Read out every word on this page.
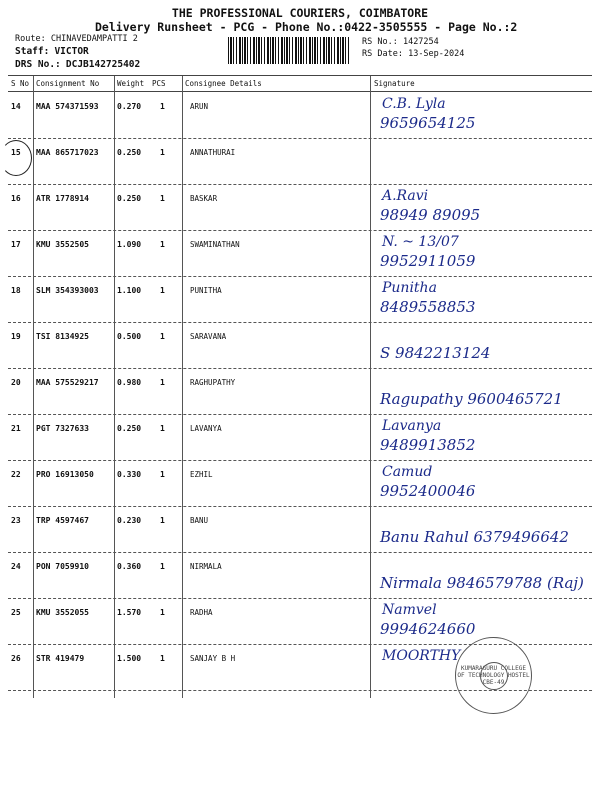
THE PROFESSIONAL COURIERS, COIMBATORE
Delivery Runsheet - PCG - Phone No.:0422-3505555 - Page No.:2
Route: CHINAVEDAMPATTI 2
Staff: VICTOR
DRS No.: DCJB142725402
RS No.: 1427254
RS Date: 13-Sep-2024
S No Consignment No Weight PCS	Consignee Details	Signature
14 MAA 574371593 0.270 1	ARUN	C.B. Lyla
9659654125
15 MAA 865717023 0.250 1	ANNATHURAI
16 ATR 1778914	0.250 1	BASKAR	A.Ravi
98949 89095
17 KMU 3552505	1.090 1	SWAMINATHAN	N. ~ 13/07
9952911059
18 SLM 354393003 1.100 1	PUNITHA	Punitha
8489558853
19 TSI 8134925	0.500 1	SARAVANA
S 9842213124
20 MAA 575529217 0.980 1	RAGHUPATHY
Ragupathy 9600465721
21 PGT 7327633	0.250 1	LAVANYA	Lavanya
9489913852
22 PRO 16913050	0.330 1	EZHIL	Camud
9952400046
23 TRP 4597467	0.230 1	BANU
Banu Rahul 6379496642
24 PON 7059910	0.360 1	NIRMALA
Nirmala 9846579788 (Raj)
25 KMU 3552055	1.570 1	RADHA	Namvel
9994624660
26 STR 419479	1.500 1	SANJAY B H	MOORTHY
KUMARAGURU COLLEGE OF TECHNOLOGY HOSTEL CBE-49
